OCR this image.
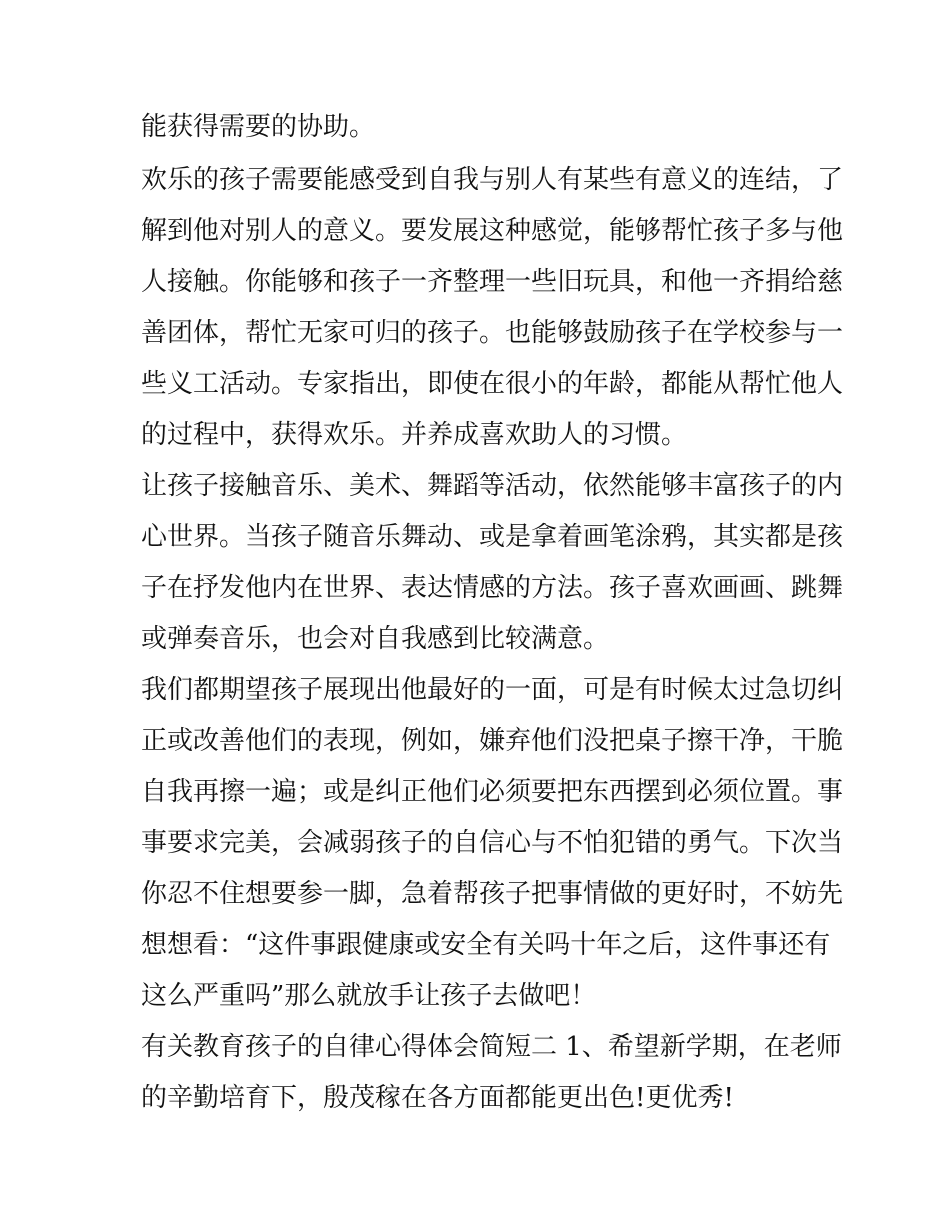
能获得需要的协助。

欢乐的孩子需要能感受到自我与别人有某些有意义的连结，了

解到他对别人的意义。要发展这种感觉，能够帮忙孩子多与他

人接触。你能够和孩子一齐整理一些旧玩具，和他一齐捐给慈

善团体，帮忙无家可归的孩子。也能够鼓励孩子在学校参与一

些义工活动。专家指出，即使在很小的年龄，都能从帮忙他人

的过程中，获得欢乐。并养成喜欢助人的习惯。

让孩子接触音乐、美术、舞蹈等活动，依然能够丰富孩子的内

心世界。当孩子随音乐舞动、或是拿着画笔涂鸦，其实都是孩

子在抒发他内在世界、表达情感的方法。孩子喜欢画画、跳舞

或弹奏音乐，也会对自我感到比较满意。

我们都期望孩子展现出他最好的一面，可是有时候太过急切纠

正或改善他们的表现，例如，嫌弃他们没把桌子擦干净，干脆

自我再擦一遍；或是纠正他们必须要把东西摆到必须位置。事

事要求完美，会减弱孩子的自信心与不怕犯错的勇气。下次当

你忍不住想要参一脚，急着帮孩子把事情做的更好时，不妨先

想想看：“这件事跟健康或安全有关吗十年之后，这件事还有

这么严重吗”那么就放手让孩子去做吧！

有关教育孩子的自律心得体会简短二 1、希望新学期，在老师

的辛勤培育下，殷茂稼在各方面都能更出色!更优秀!
